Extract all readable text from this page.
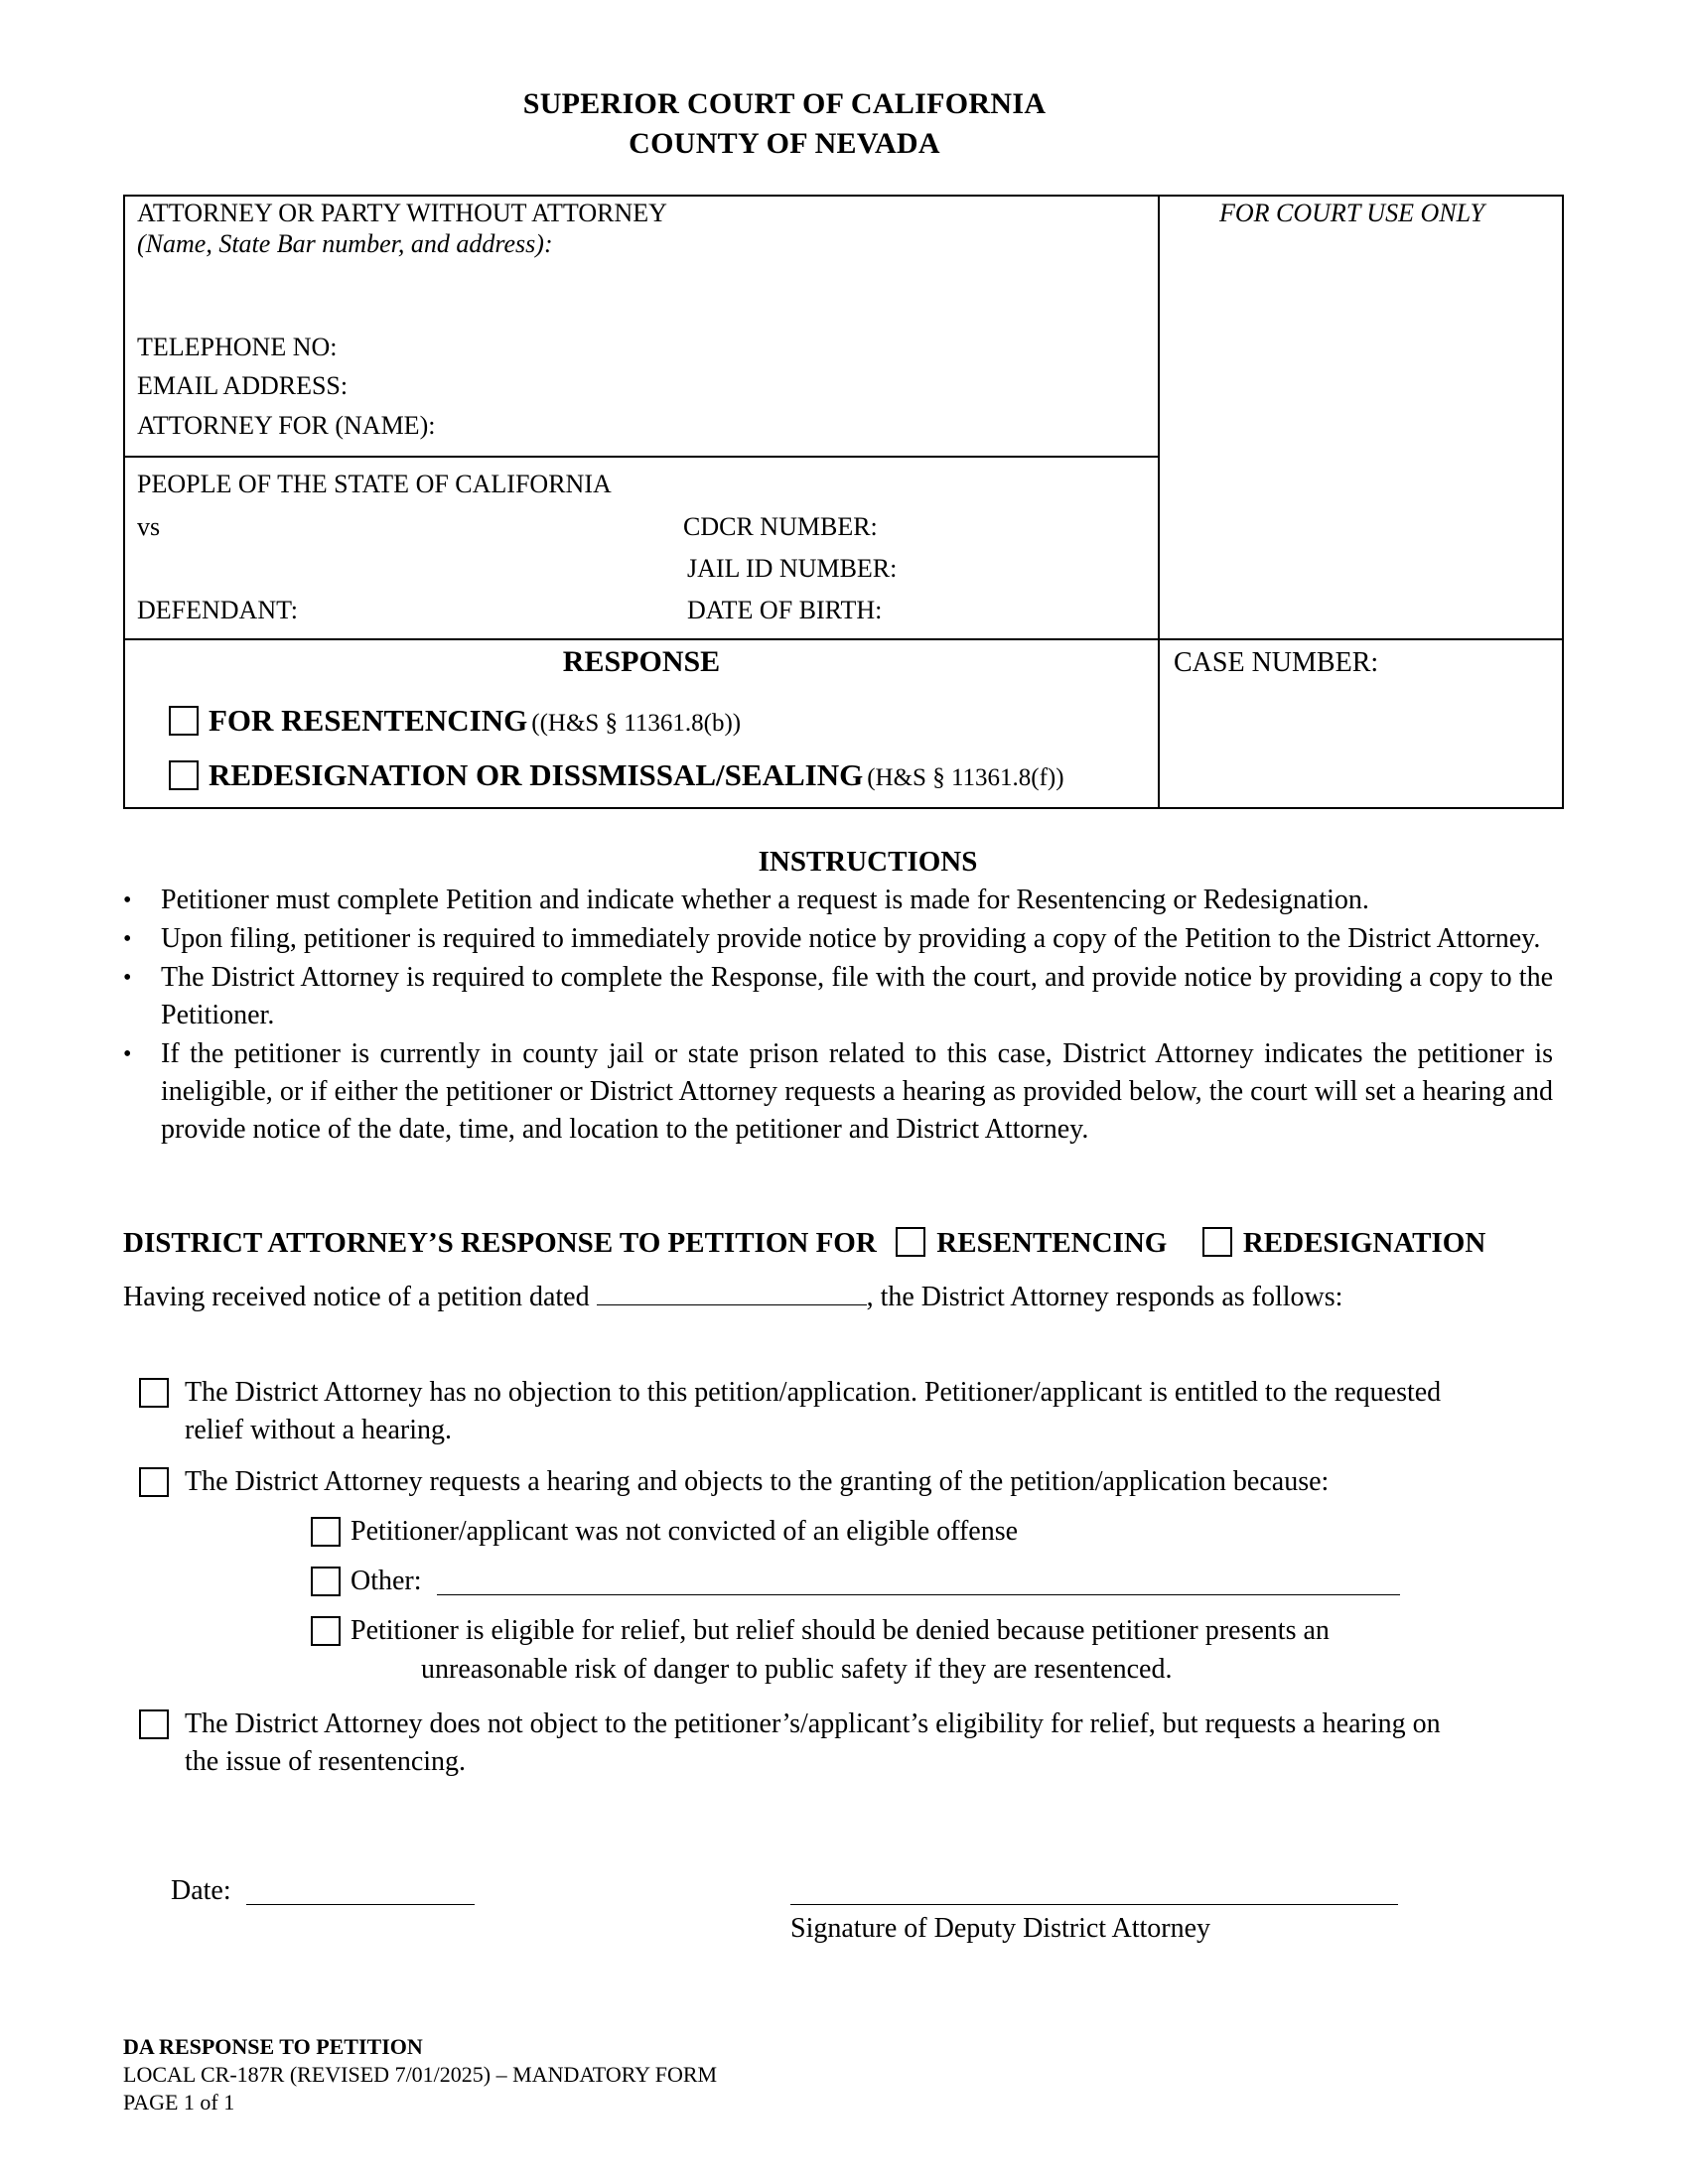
SUPERIOR COURT OF CALIFORNIA
COUNTY OF NEVADA
ATTORNEY OR PARTY WITHOUT ATTORNEY
(Name, State Bar number, and address):
TELEPHONE NO:
EMAIL ADDRESS:
ATTORNEY FOR (NAME):
FOR COURT USE ONLY
PEOPLE OF THE STATE OF CALIFORNIA
vs	CDCR NUMBER:
JAIL ID NUMBER:
DEFENDANT:	DATE OF BIRTH:
RESPONSE
FOR RESENTENCING ((H&S § 11361.8(b))
REDESIGNATION OR DISSMISSAL/SEALING (H&S § 11361.8(f))
CASE NUMBER:
INSTRUCTIONS
• Petitioner must complete Petition and indicate whether a request is made for Resentencing or Redesignation.
• Upon filing, petitioner is required to immediately provide notice by providing a copy of the Petition to the District Attorney.
• The District Attorney is required to complete the Response, file with the court, and provide notice by providing a copy to the Petitioner.
• If the petitioner is currently in county jail or state prison related to this case, District Attorney indicates the petitioner is ineligible, or if either the petitioner or District Attorney requests a hearing as provided below, the court will set a hearing and provide notice of the date, time, and location to the petitioner and District Attorney.
DISTRICT ATTORNEY’S RESPONSE TO PETITION FOR RESENTENCING	REDESIGNATION
Having received notice of a petition dated	, the District Attorney responds as follows:
The District Attorney has no objection to this petition/application. Petitioner/applicant is entitled to the requested relief without a hearing.
The District Attorney requests a hearing and objects to the granting of the petition/application because:
Petitioner/applicant was not convicted of an eligible offense
Other:
Petitioner is eligible for relief, but relief should be denied because petitioner presents an
unreasonable risk of danger to public safety if they are resentenced.
The District Attorney does not object to the petitioner’s/applicant’s eligibility for relief, but requests a hearing on the issue of resentencing.
Date:
Signature of Deputy District Attorney
DA RESPONSE TO PETITION
LOCAL CR-187R (REVISED 7/01/2025) – MANDATORY FORM
PAGE 1 of 1
